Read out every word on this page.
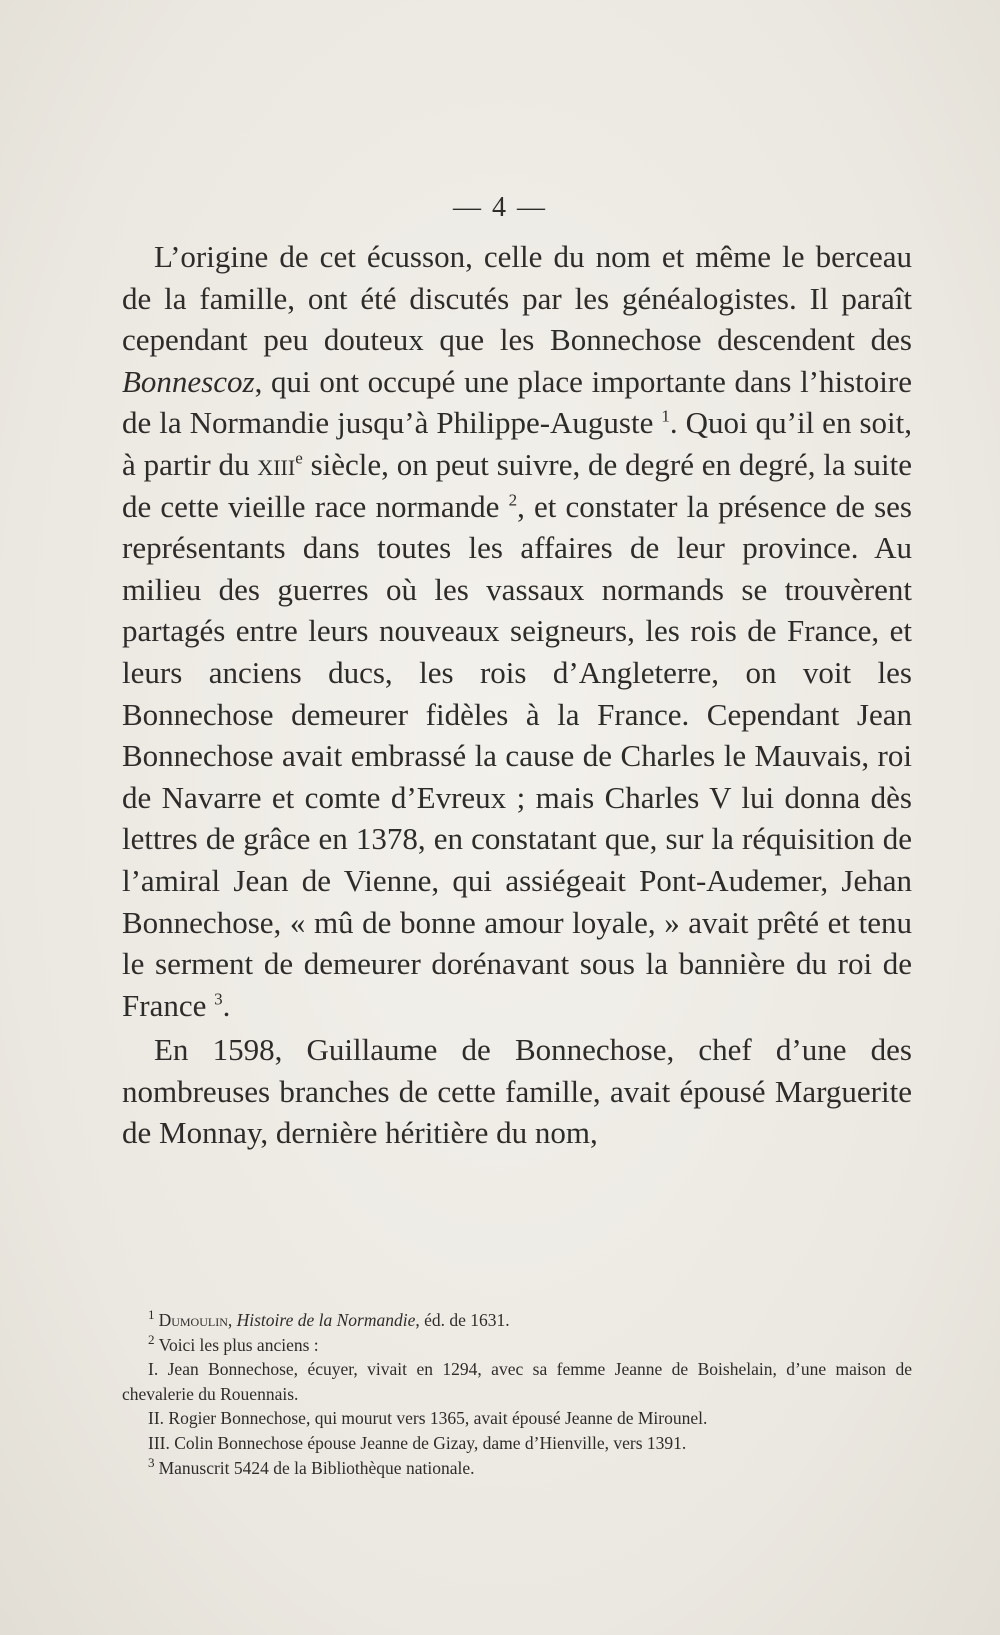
— 4 —

L’origine de cet écusson, celle du nom et même le berceau de la famille, ont été discutés par les généalogistes. Il paraît cependant peu douteux que les Bonnechose descendent des Bonnescoz, qui ont occupé une place importante dans l’histoire de la Normandie jusqu’à Philippe-Auguste $^1$. Quoi qu’il en soit, à partir du xiii$^e$ siècle, on peut suivre, de degré en degré, la suite de cette vieille race normande $^2$, et constater la présence de ses représentants dans toutes les affaires de leur province. Au milieu des guerres où les vassaux normands se trouvèrent partagés entre leurs nouveaux seigneurs, les rois de France, et leurs anciens ducs, les rois d’Angleterre, on voit les Bonnechose demeurer fidèles à la France. Cependant Jean Bonnechose avait embrassé la cause de Charles le Mauvais, roi de Navarre et comte d’Evreux ; mais Charles V lui donna dès lettres de grâce en 1378, en constatant que, sur la réquisition de l’amiral Jean de Vienne, qui assiégeait Pont-Audemer, Jehan Bonnechose, « mû de bonne amour loyale, » avait prêté et tenu le serment de demeurer dorénavant sous la bannière du roi de France $^3$.

En 1598, Guillaume de Bonnechose, chef d’une des nombreuses branches de cette famille, avait épousé Marguerite de Monnay, dernière héritière du nom,

$^1$ Dumoulin, Histoire de la Normandie, éd. de 1631.

$^2$ Voici les plus anciens :

I. Jean Bonnechose, écuyer, vivait en 1294, avec sa femme Jeanne de Boishelain, d’une maison de chevalerie du Rouennais.

II. Rogier Bonnechose, qui mourut vers 1365, avait épousé Jeanne de Mirounel.

III. Colin Bonnechose épouse Jeanne de Gizay, dame d’Hienville, vers 1391.

$^3$ Manuscrit 5424 de la Bibliothèque nationale.
